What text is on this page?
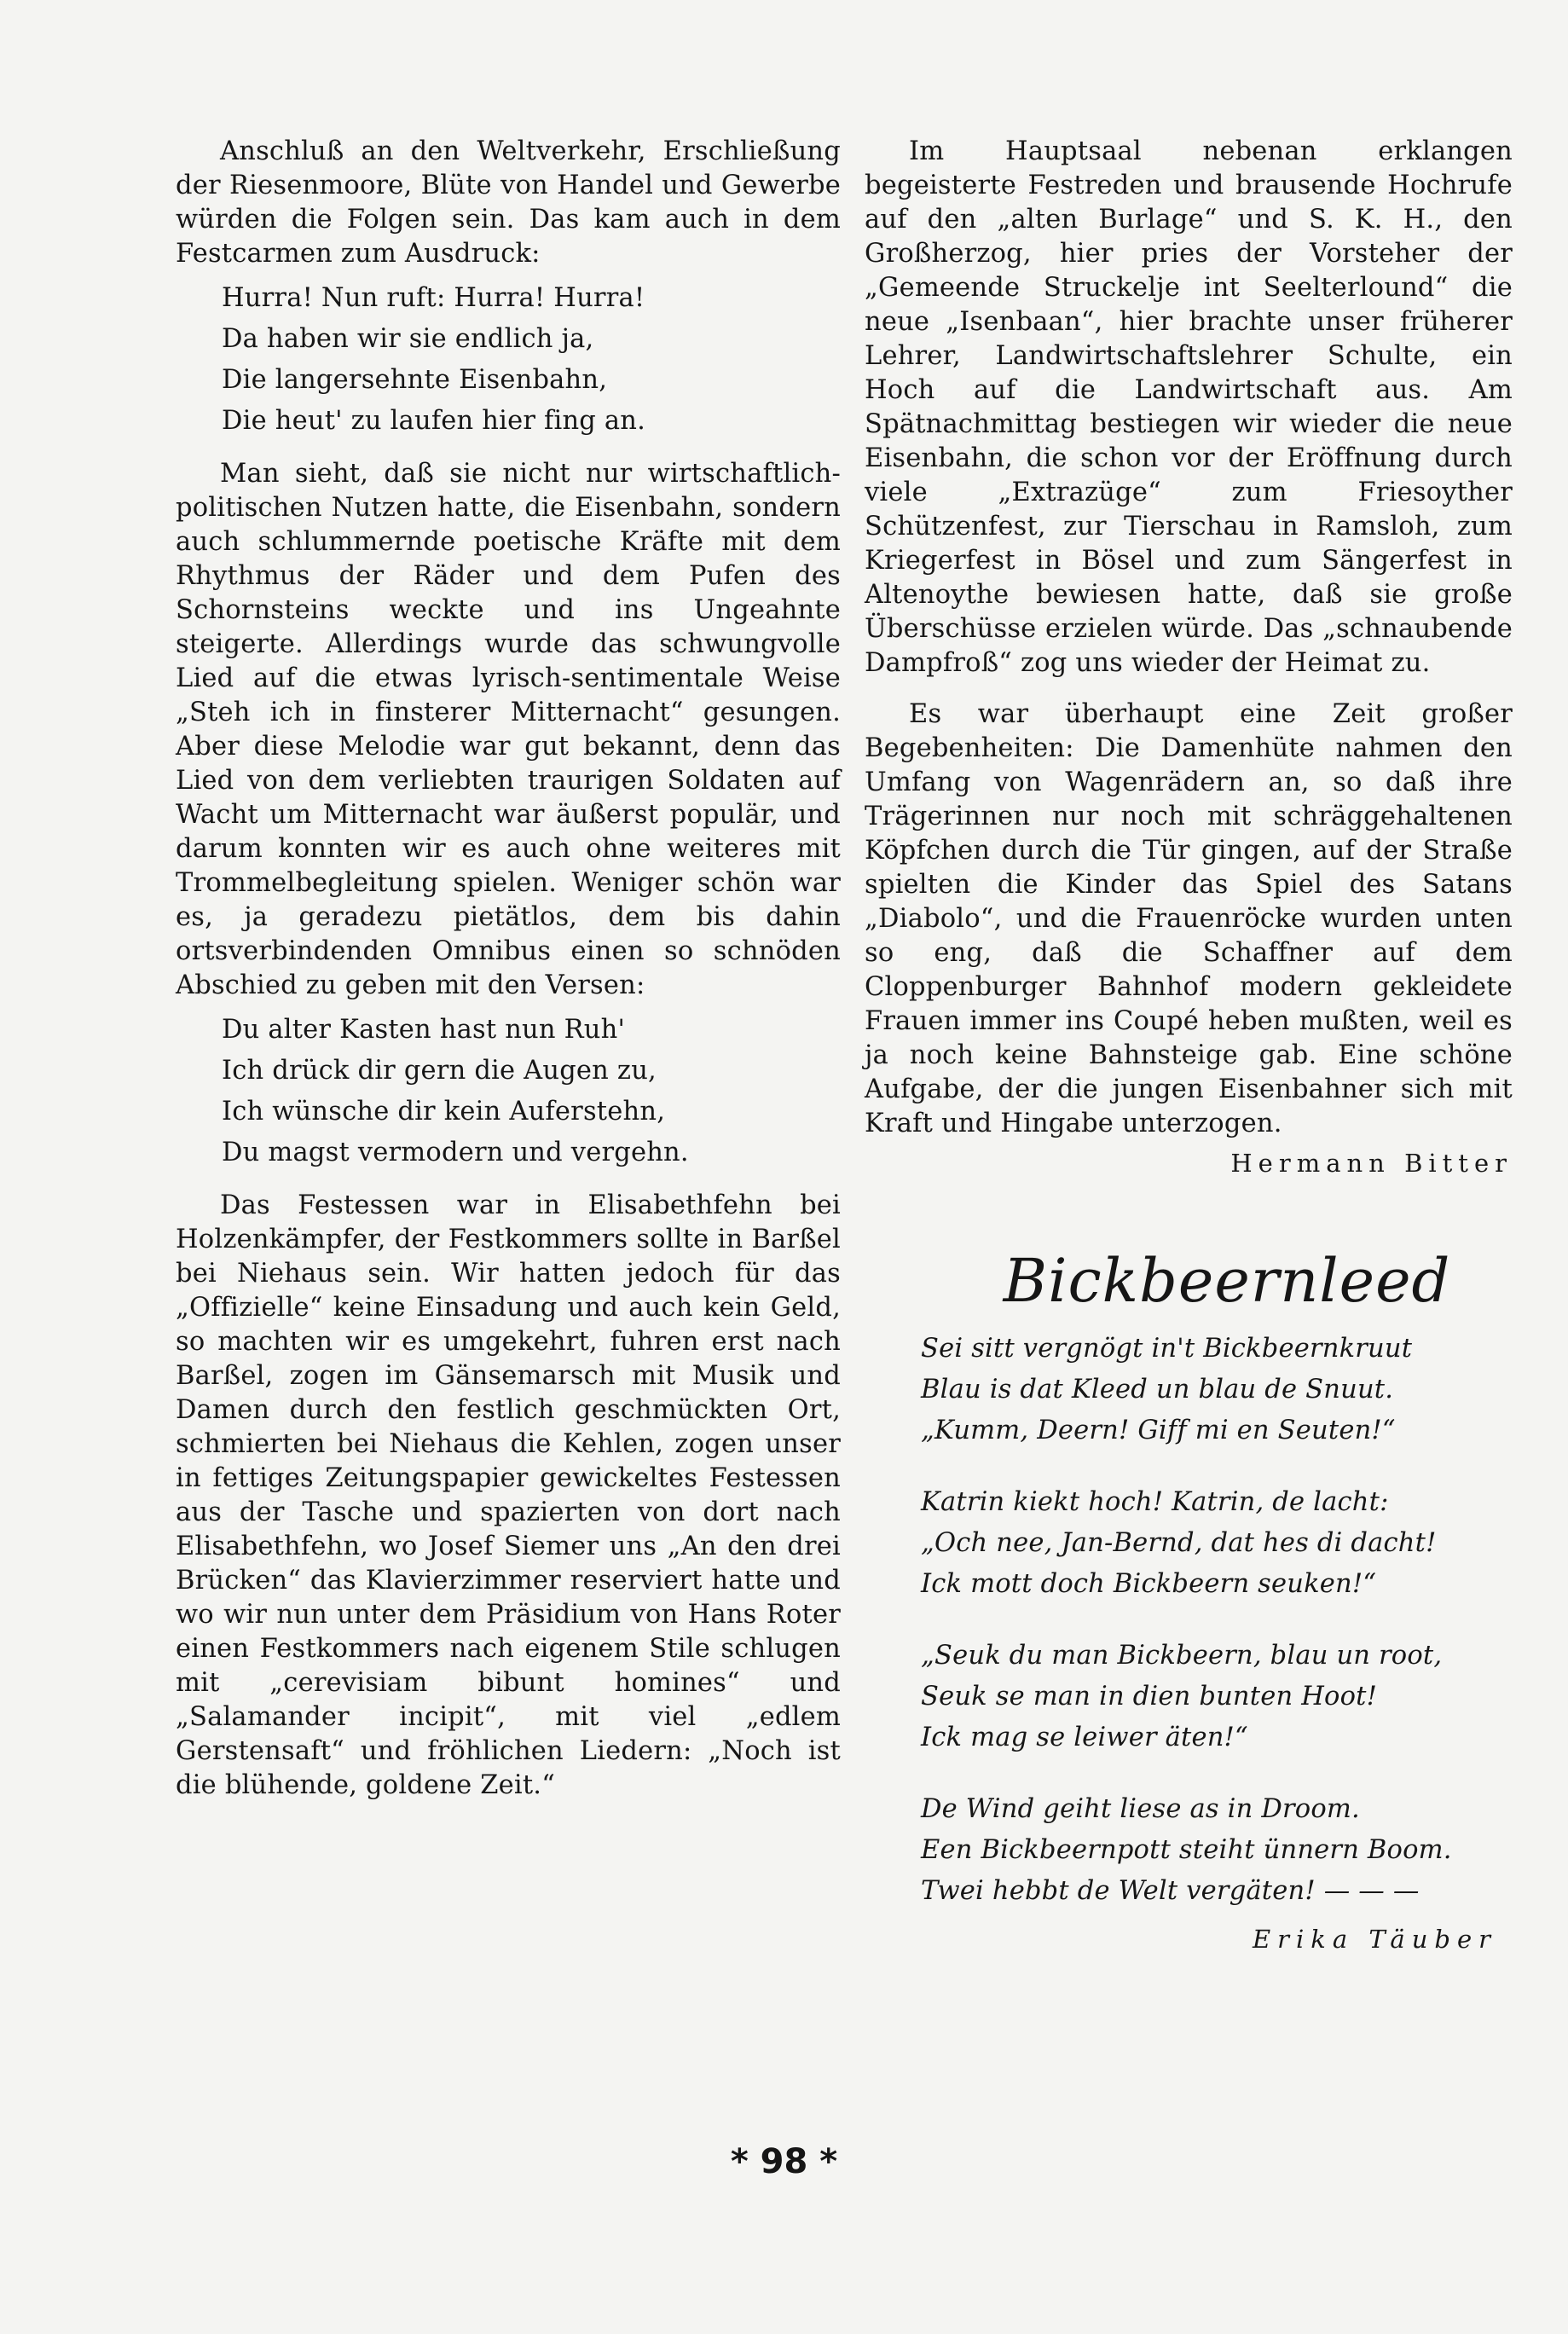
Anschluß an den Weltverkehr, Erschließung der Riesenmoore, Blüte von Handel und Gewerbe würden die Folgen sein. Das kam auch in dem Festcarmen zum Ausdruck:

Hurra! Nun ruft: Hurra! Hurra!
Da haben wir sie endlich ja,
Die langersehnte Eisenbahn,
Die heut' zu laufen hier fing an.

Man sieht, daß sie nicht nur wirtschaftlich-politischen Nutzen hatte, die Eisenbahn, sondern auch schlummernde poetische Kräfte mit dem Rhythmus der Räder und dem Pufen des Schornsteins weckte und ins Ungeahnte steigerte. Allerdings wurde das schwungvolle Lied auf die etwas lyrisch-sentimentale Weise „Steh ich in finsterer Mitternacht“ gesungen. Aber diese Melodie war gut bekannt, denn das Lied von dem verliebten traurigen Soldaten auf Wacht um Mitternacht war äußerst populär, und darum konnten wir es auch ohne weiteres mit Trommelbegleitung spielen. Weniger schön war es, ja geradezu pietätlos, dem bis dahin ortsverbindenden Omnibus einen so schnöden Abschied zu geben mit den Versen:

Du alter Kasten hast nun Ruh'
Ich drück dir gern die Augen zu,
Ich wünsche dir kein Auferstehn,
Du magst vermodern und vergehn.

Das Festessen war in Elisabethfehn bei Holzenkämpfer, der Festkommers sollte in Barßel bei Niehaus sein. Wir hatten jedoch für das „Offizielle“ keine Einsadung und auch kein Geld, so machten wir es umgekehrt, fuhren erst nach Barßel, zogen im Gänsemarsch mit Musik und Damen durch den festlich geschmückten Ort, schmierten bei Niehaus die Kehlen, zogen unser in fettiges Zeitungspapier gewickeltes Festessen aus der Tasche und spazierten von dort nach Elisabethfehn, wo Josef Siemer uns „An den drei Brücken“ das Klavierzimmer reserviert hatte und wo wir nun unter dem Präsidium von Hans Roter einen Festkommers nach eigenem Stile schlugen mit „cerevisiam bibunt homines“ und „Salamander incipit“, mit viel „edlem Gerstensaft“ und fröhlichen Liedern: „Noch ist die blühende, goldene Zeit.“

Im Hauptsaal nebenan erklangen begeisterte Festreden und brausende Hochrufe auf den „alten Burlage“ und S. K. H., den Großherzog, hier pries der Vorsteher der „Gemeende Struckelje int Seelterlound“ die neue „Isenbaan“, hier brachte unser früherer Lehrer, Landwirtschaftslehrer Schulte, ein Hoch auf die Landwirtschaft aus. Am Spätnachmittag bestiegen wir wieder die neue Eisenbahn, die schon vor der Eröffnung durch viele „Extrazüge“ zum Friesoyther Schützenfest, zur Tierschau in Ramsloh, zum Kriegerfest in Bösel und zum Sängerfest in Altenoythe bewiesen hatte, daß sie große Überschüsse erzielen würde. Das „schnaubende Dampfroß“ zog uns wieder der Heimat zu.

Es war überhaupt eine Zeit großer Begebenheiten: Die Damenhüte nahmen den Umfang von Wagenrädern an, so daß ihre Trägerinnen nur noch mit schräggehaltenen Köpfchen durch die Tür gingen, auf der Straße spielten die Kinder das Spiel des Satans „Diabolo“, und die Frauenröcke wurden unten so eng, daß die Schaffner auf dem Cloppenburger Bahnhof modern gekleidete Frauen immer ins Coupé heben mußten, weil es ja noch keine Bahnsteige gab. Eine schöne Aufgabe, der die jungen Eisenbahner sich mit Kraft und Hingabe unterzogen.

Hermann Bitter
Bickbeernleed
Sei sitt vergnögt in't Bickbeernkruut
Blau is dat Kleed un blau de Snuut.
„Kumm, Deern! Giff mi en Seuten!“
Katrin kiekt hoch! Katrin, de lacht:
„Och nee, Jan-Bernd, dat hes di dacht!
Ick mott doch Bickbeern seuken!“
„Seuk du man Bickbeern, blau un root,
Seuk se man in dien bunten Hoot!
Ick mag se leiwer äten!“
De Wind geiht liese as in Droom.
Een Bickbeernpott steiht ünnern Boom.
Twei hebbt de Welt vergäten! — — —
Erika Täuber
* 98 *
